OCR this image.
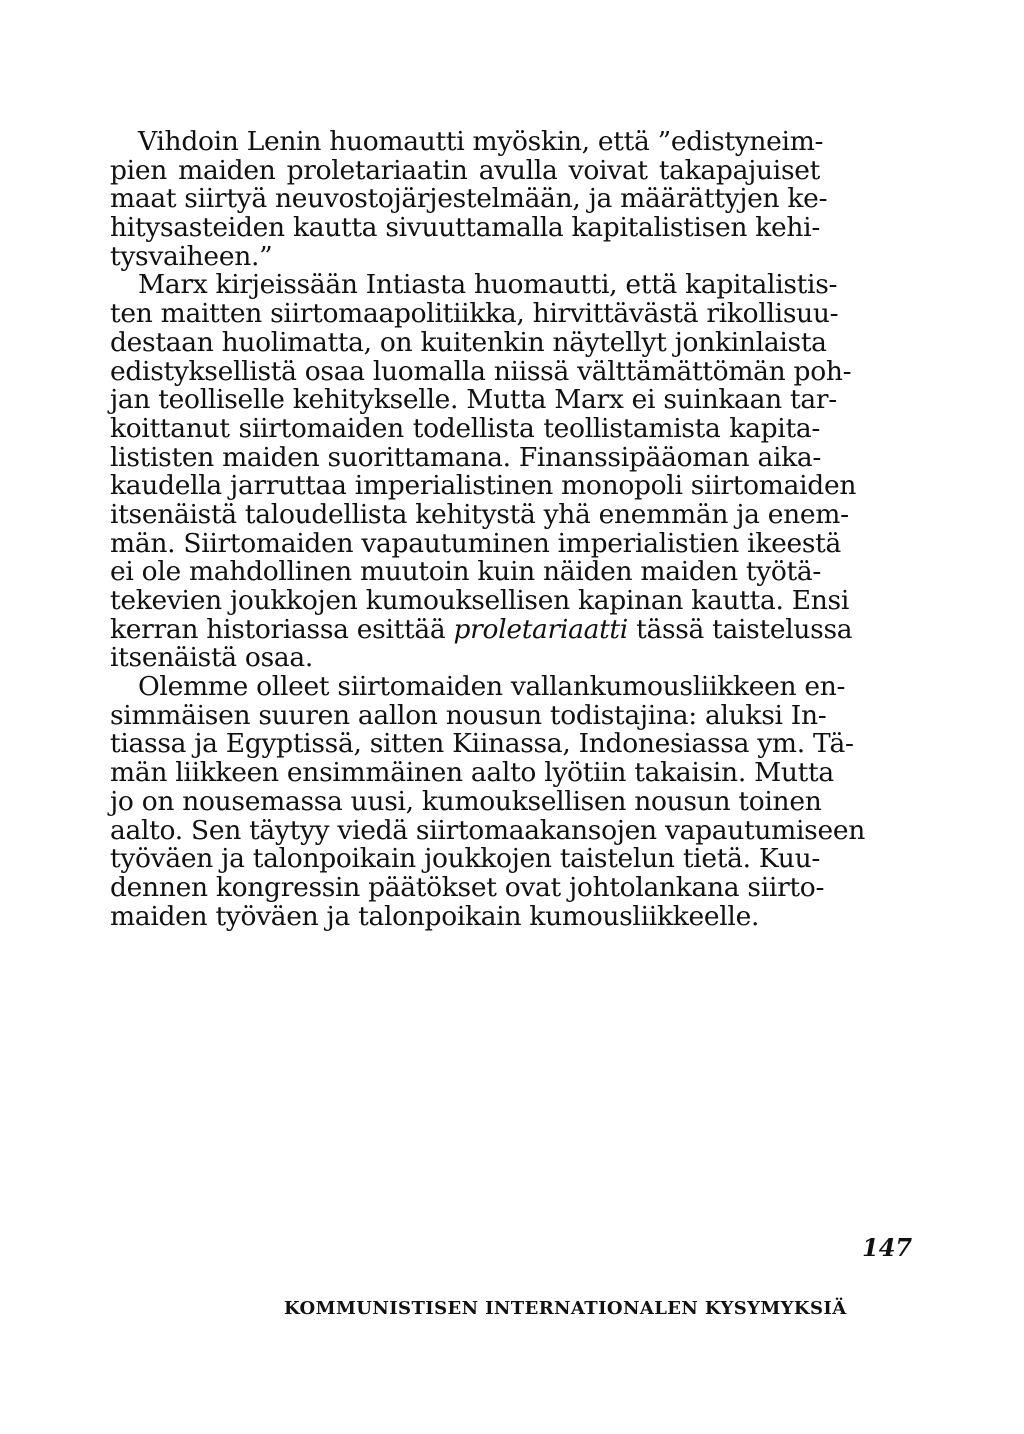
Vihdoin Lenin huomautti myöskin, että ”edistyneim-
pien maiden proletariaatin avulla voivat takapajuiset
maat siirtyä neuvostojärjestelmään, ja määrättyjen ke-
hitysasteiden kautta sivuuttamalla kapitalistisen kehi-
tysvaiheen.”
Marx kirjeissään Intiasta huomautti, että kapitalistis-
ten maitten siirtomaapolitiikka, hirvittävästä rikollisuu-
destaan huolimatta, on kuitenkin näytellyt jonkinlaista
edistyksellistä osaa luomalla niissä välttämättömän poh-
jan teolliselle kehitykselle. Mutta Marx ei suinkaan tar-
koittanut siirtomaiden todellista teollistamista kapita-
lististen maiden suorittamana. Finanssipääoman aika-
kaudella jarruttaa imperialistinen monopoli siirtomaiden
itsenäistä taloudellista kehitystä yhä enemmän ja enem-
män. Siirtomaiden vapautuminen imperialistien ikeestä
ei ole mahdollinen muutoin kuin näiden maiden työtä-
tekevien joukkojen kumouksellisen kapinan kautta. Ensi
kerran historiassa esittää proletariaatti tässä taistelussa
itsenäistä osaa.
Olemme olleet siirtomaiden vallankumousliikkeen en-
simmäisen suuren aallon nousun todistajina: aluksi In-
tiassa ja Egyptissä, sitten Kiinassa, Indonesiassa ym. Tä-
män liikkeen ensimmäinen aalto lyötiin takaisin. Mutta
jo on nousemassa uusi, kumouksellisen nousun toinen
aalto. Sen täytyy viedä siirtomaakansojen vapautumiseen
työväen ja talonpoikain joukkojen taistelun tietä. Kuu-
dennen kongressin päätökset ovat johtolankana siirto-
maiden työväen ja talonpoikain kumousliikkeelle.
147
KOMMUNISTISEN INTERNATIONALEN KYSYMYKSIÄ
